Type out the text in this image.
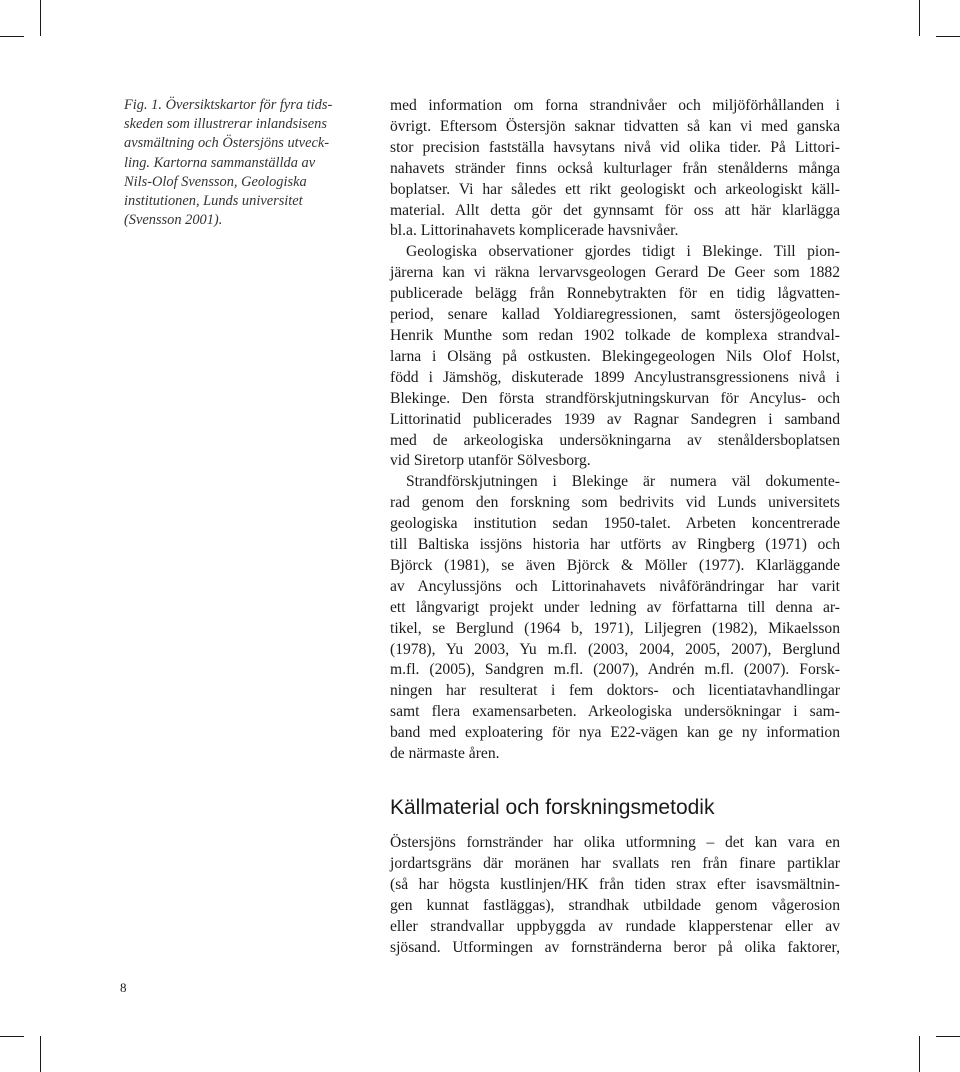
Fig. 1. Översiktskartor för fyra tids-
skeden som illustrerar inlandsisens
avsmältning och Östersjöns utveck-
ling. Kartorna sammanställda av
Nils-Olof Svensson, Geologiska
institutionen, Lunds universitet
(Svensson 2001).

med information om forna strandnivåer och miljöförhållanden i
övrigt. Eftersom Östersjön saknar tidvatten så kan vi med ganska
stor precision fastställa havsytans nivå vid olika tider. På Littori-
nahavets stränder finns också kulturlager från stenålderns många
boplatser. Vi har således ett rikt geologiskt och arkeologiskt käll-
material. Allt detta gör det gynnsamt för oss att här klarlägga
bl.a. Littorinahavets komplicerade havsnivåer.

Geologiska observationer gjordes tidigt i Blekinge. Till pion-
järerna kan vi räkna lervarvsgeologen Gerard De Geer som 1882
publicerade belägg från Ronnebytrakten för en tidig lågvatten-
period, senare kallad Yoldiaregressionen, samt östersjögeologen
Henrik Munthe som redan 1902 tolkade de komplexa strandval-
larna i Olsäng på ostkusten. Blekingegeologen Nils Olof Holst,
född i Jämshög, diskuterade 1899 Ancylustransgressionens nivå i
Blekinge. Den första strandförskjutningskurvan för Ancylus- och
Littorinatid publicerades 1939 av Ragnar Sandegren i samband
med de arkeologiska undersökningarna av stenåldersboplatsen
vid Siretorp utanför Sölvesborg.

Strandförskjutningen i Blekinge är numera väl dokumente-
rad genom den forskning som bedrivits vid Lunds universitets
geologiska institution sedan 1950-talet. Arbeten koncentrerade
till Baltiska issjöns historia har utförts av Ringberg (1971) och
Björck (1981), se även Björck & Möller (1977). Klarläggande
av Ancylussjöns och Littorinahavets nivåförändringar har varit
ett långvarigt projekt under ledning av författarna till denna ar-
tikel, se Berglund (1964 b, 1971), Liljegren (1982), Mikaelsson
(1978), Yu 2003, Yu m.fl. (2003, 2004, 2005, 2007), Berglund
m.fl. (2005), Sandgren m.fl. (2007), Andrén m.fl. (2007). Forsk-
ningen har resulterat i fem doktors- och licentiatavhandlingar
samt flera examensarbeten. Arkeologiska undersökningar i sam-
band med exploatering för nya E22-vägen kan ge ny information
de närmaste åren.

Källmaterial och forskningsmetodik

Östersjöns fornstränder har olika utformning – det kan vara en
jordartsgräns där moränen har svallats ren från finare partiklar
(så har högsta kustlinjen/HK från tiden strax efter isavsmältnin-
gen kunnat fastläggas), strandhak utbildade genom vågerosion
eller strandvallar uppbyggda av rundade klapperstenar eller av
sjösand. Utformingen av fornstränderna beror på olika faktorer,

8
